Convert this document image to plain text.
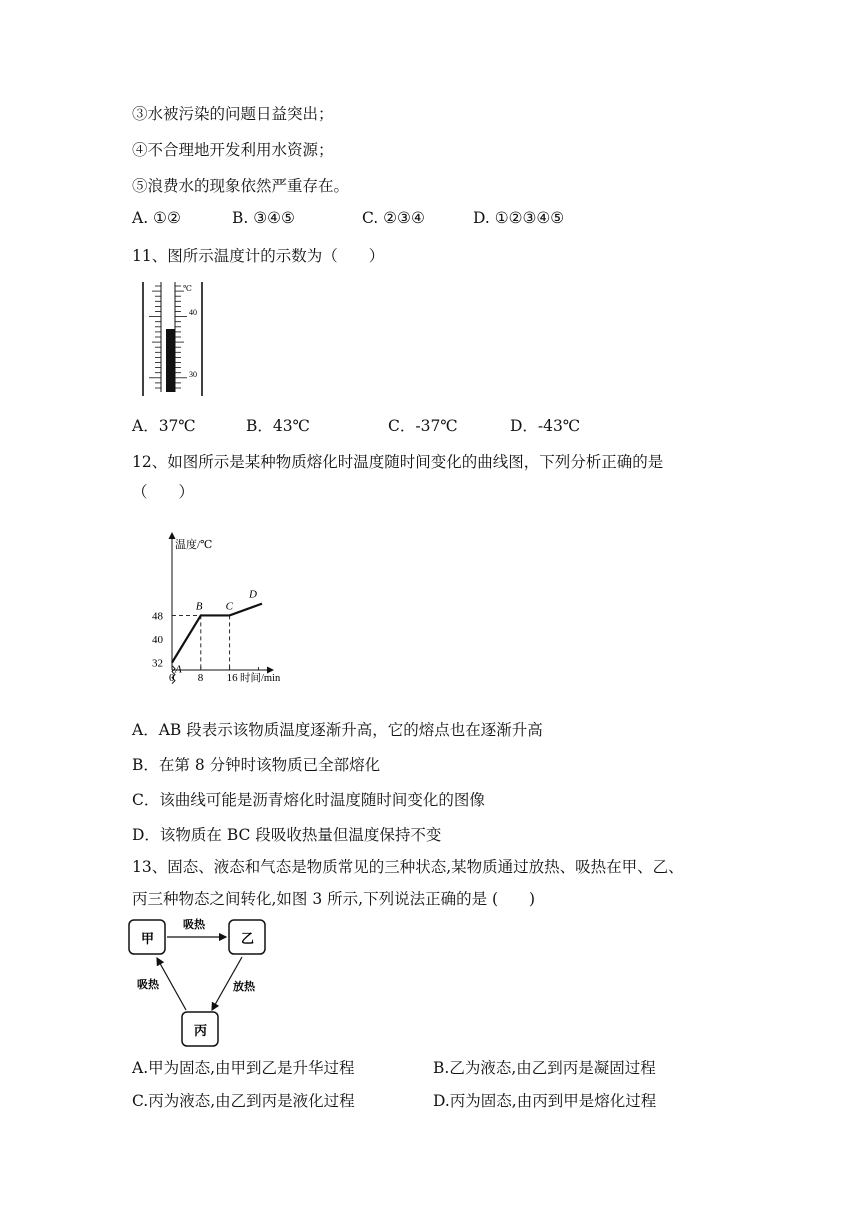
③水被污染的问题日益突出；
④不合理地开发利用水资源；
⑤浪费水的现象依然严重存在。
A. ①②	B. ③④⑤	C. ②③④	D. ①②③④⑤
11、图所示温度计的示数为（　　）
℃
40
30
A．37℃	B．43℃	C．-37℃	D．-43℃
12、如图所示是某种物质熔化时温度随时间变化的曲线图，下列分析正确的是
（　　）
32
40
48
0 8 16
A
B C
D
温度/℃
时间/min
A．AB 段表示该物质温度逐渐升高，它的熔点也在逐渐升高
B．在第 8 分钟时该物质已全部熔化
C．该曲线可能是沥青熔化时温度随时间变化的图像
D．该物质在 BC 段吸收热量但温度保持不变
13、固态、液态和气态是物质常见的三种状态,某物质通过放热、吸热在甲、乙、
丙三种物态之间转化,如图 3 所示,下列说法正确的是 (　　)
甲	乙
丙
吸热
放热
吸热
A.甲为固态,由甲到乙是升华过程	B.乙为液态,由乙到丙是凝固过程
C.丙为液态,由乙到丙是液化过程	D.丙为固态,由丙到甲是熔化过程
